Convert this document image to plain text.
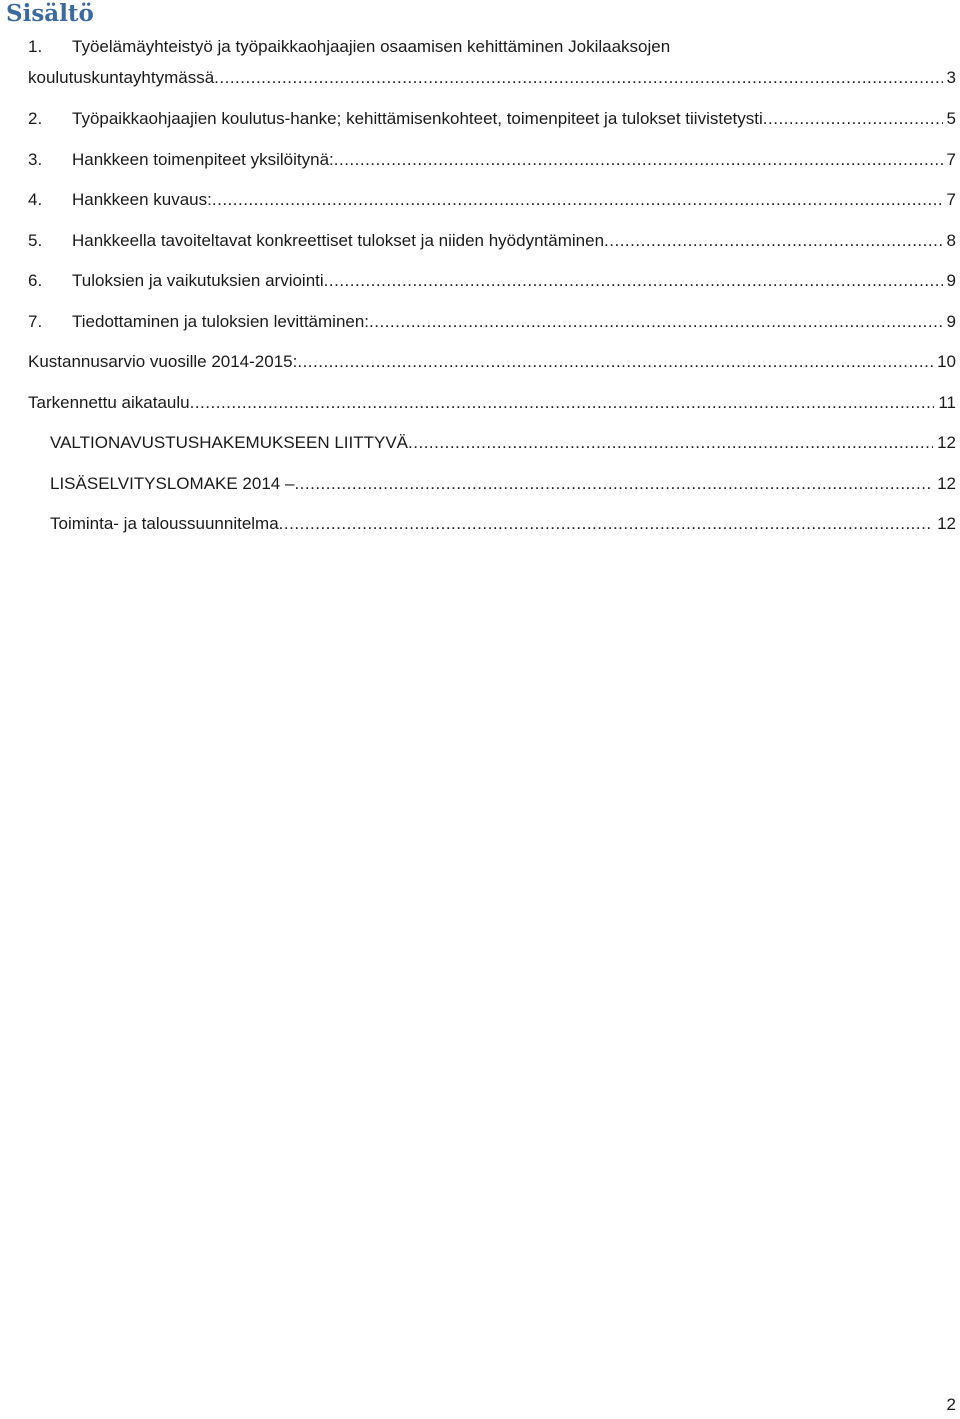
Sisältö
1. Työelämäyhteistyö ja työpaikkaohjaajien osaamisen kehittäminen Jokilaaksojen
koulutuskuntayhtymässä .....	3
2.	Työpaikkaohjaajien koulutus-hanke; kehittämisenkohteet, toimenpiteet ja tulokset tiivistetysti .....	5
3.	Hankkeen toimenpiteet yksilöitynä: .....	7
4.	Hankkeen kuvaus: .....	7
5.	Hankkeella tavoiteltavat konkreettiset tulokset ja niiden hyödyntäminen .....	8
6.	Tuloksien ja vaikutuksien arviointi .....	9
7.	Tiedottaminen ja tuloksien levittäminen: .....	9
Kustannusarvio vuosille 2014-2015: .....	10
Tarkennettu aikataulu .....	11
VALTIONAVUSTUSHAKEMUKSEEN LIITTYVÄ .....	12
LISÄSELVITYSLOMAKE 2014 – .....	12
Toiminta- ja taloussuunnitelma .....	12
2
